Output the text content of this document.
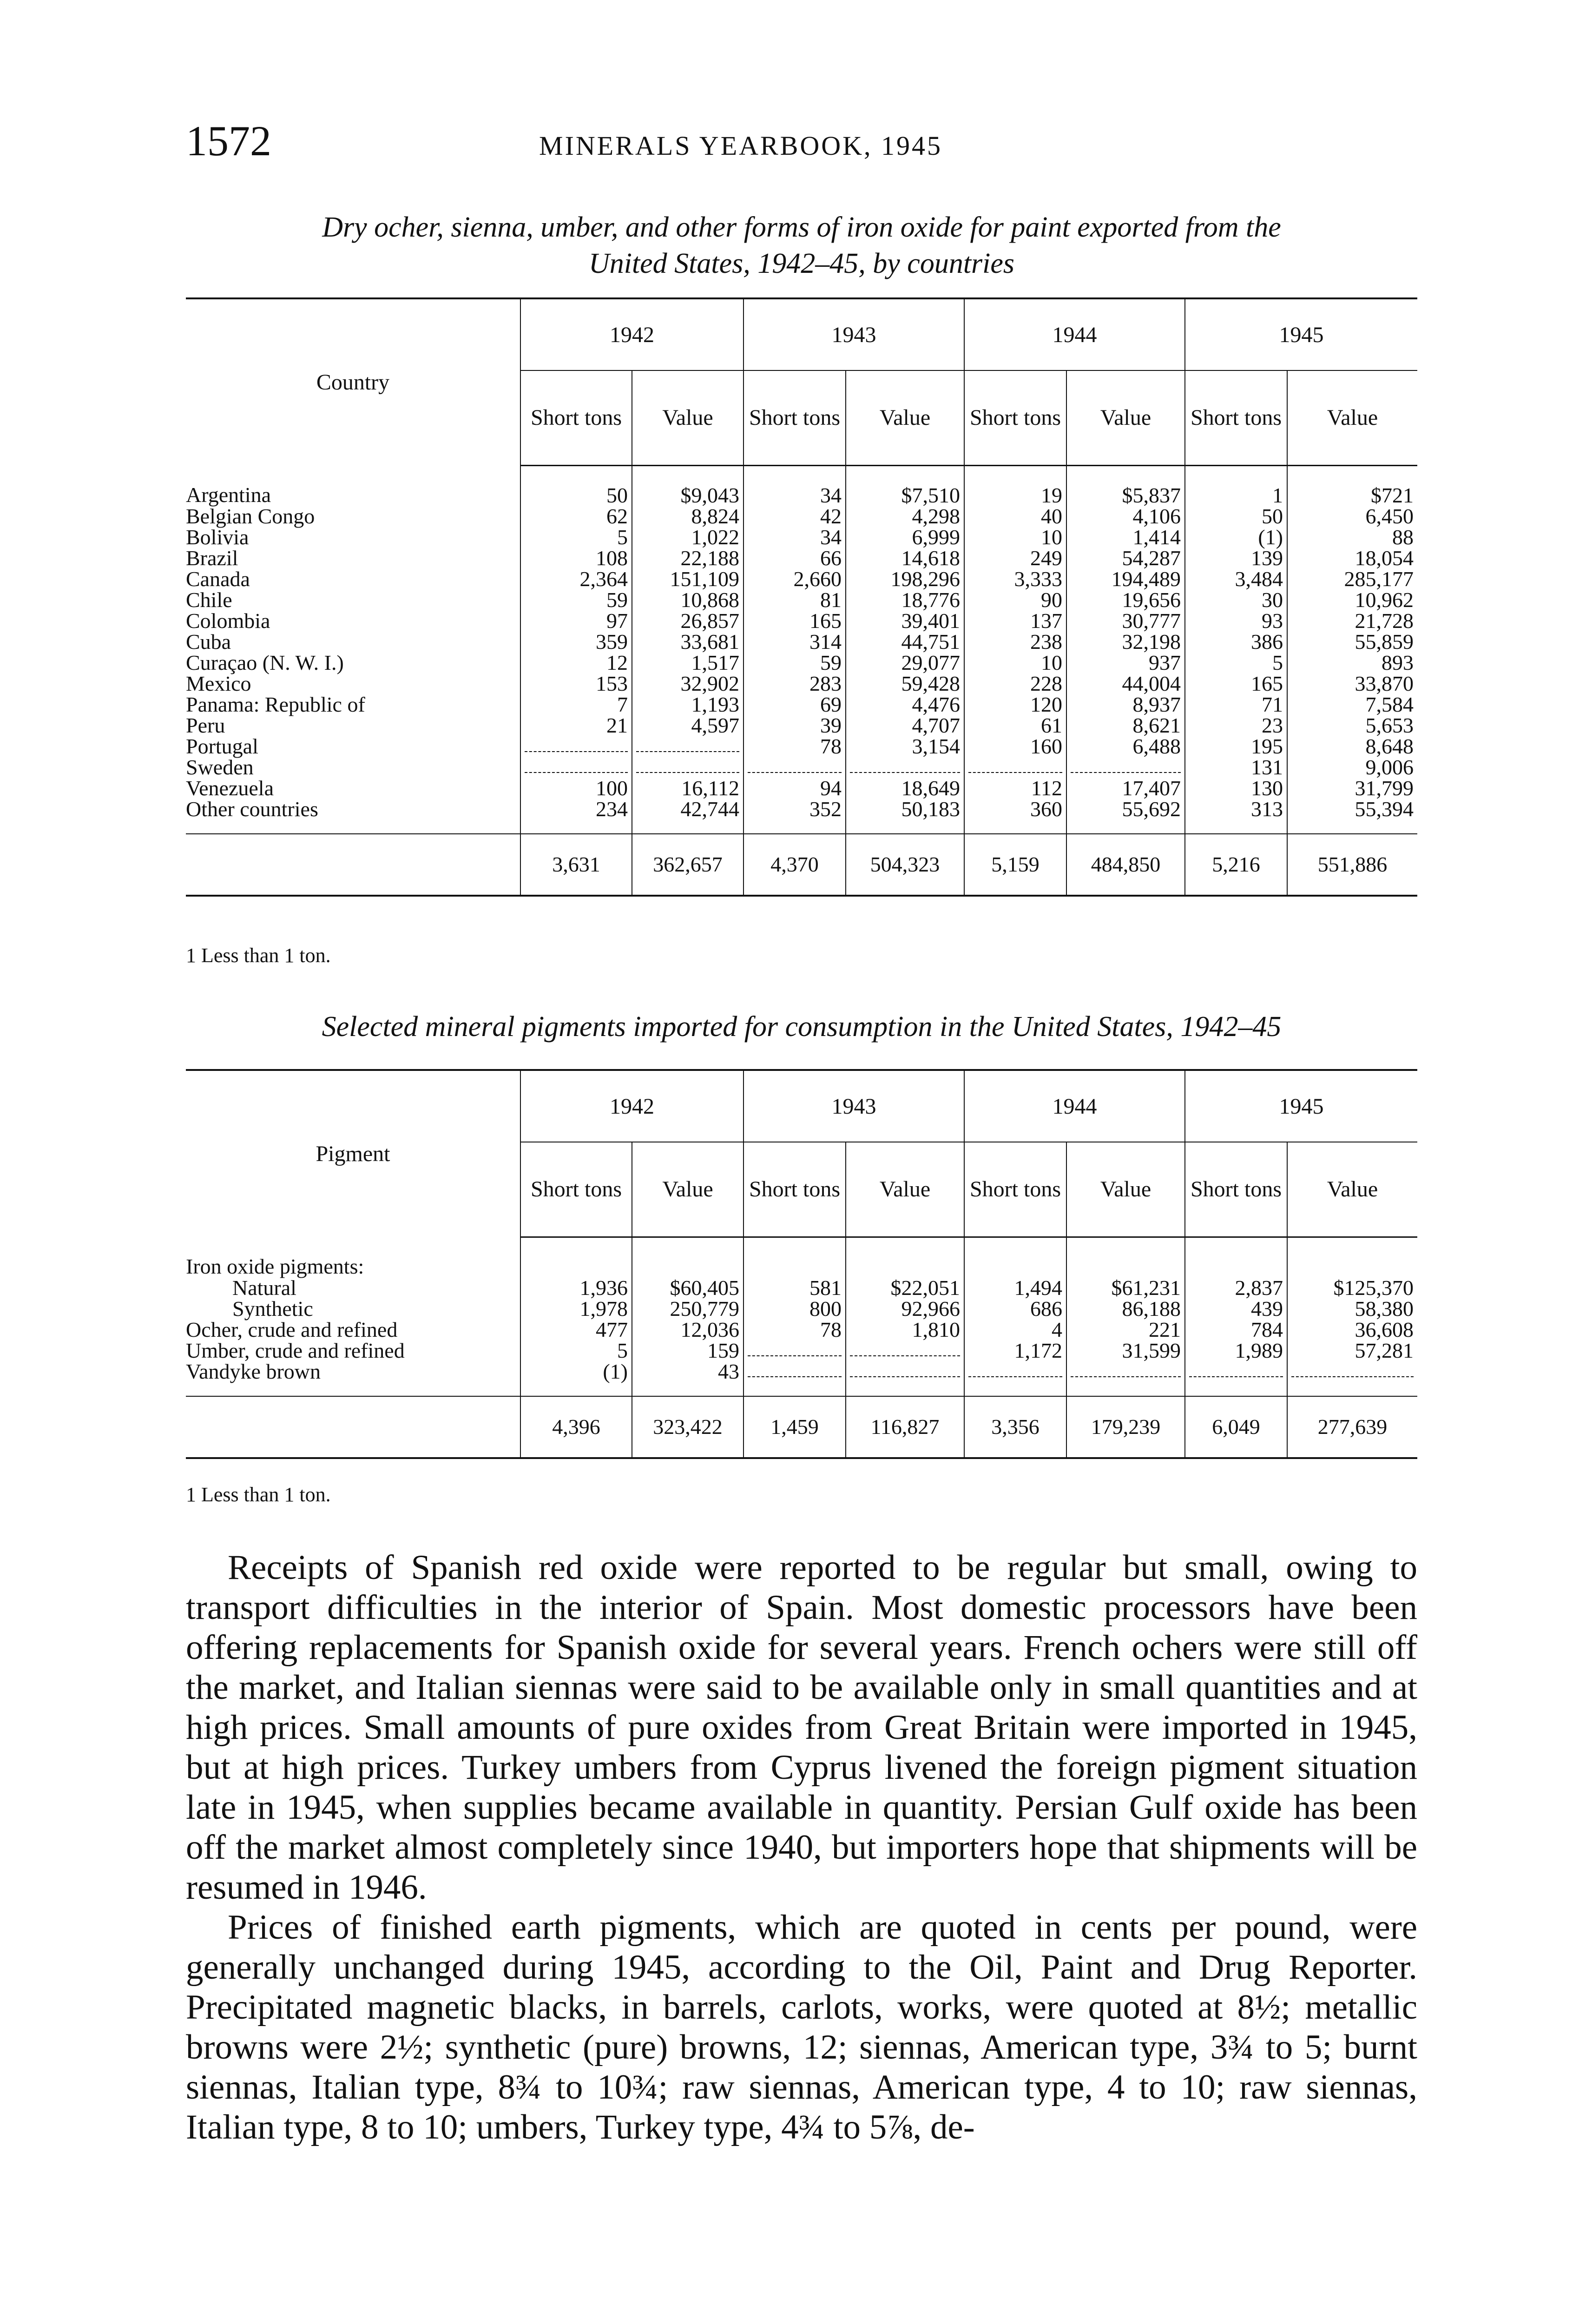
1572	MINERALS YEARBOOK, 1945
Dry ocher, sienna, umber, and other forms of iron oxide for paint exported from the
United States, 1942–45, by countries
Country	1942		1943		1944		1945	
	Short tons	Value	Short tons	Value	Short tons	Value	Short tons	Value
Argentina	50	$9,043	34	$7,510	19	$5,837	1	$721
Belgian Congo	62	8,824	42	4,298	40	4,106	50	6,450
Bolivia	5	1,022	34	6,999	10	1,414	(1)	88
Brazil	108	22,188	66	14,618	249	54,287	139	18,054
Canada	2,364	151,109	2,660	198,296	3,333	194,489	3,484	285,177
Chile	59	10,868	81	18,776	90	19,656	30	10,962
Colombia	97	26,857	165	39,401	137	30,777	93	21,728
Cuba	359	33,681	314	44,751	238	32,198	386	55,859
Curaçao (N. W. I.)	12	1,517	59	29,077	10	937	5	893
Mexico	153	32,902	283	59,428	228	44,004	165	33,870
Panama: Republic of	7	1,193	69	4,476	120	8,937	71	7,584
Peru	21	4,597	39	4,707	61	8,621	23	5,653
Portugal			78	3,154	160	6,488	195	8,648
Sweden							131	9,006
Venezuela	100	16,112	94	18,649	112	17,407	130	31,799
Other countries	234	42,744	352	50,183	360	55,692	313	55,394
	3,631	362,657	4,370	504,323	5,159	484,850	5,216	551,886
1 Less than 1 ton.
Selected mineral pigments imported for consumption in the United States, 1942–45
Pigment	1942		1943		1944		1945	
	Short tons	Value	Short tons	Value	Short tons	Value	Short tons	Value
Iron oxide pigments:								
Natural	1,936	$60,405	581	$22,051	1,494	$61,231	2,837	$125,370
Synthetic	1,978	250,779	800	92,966	686	86,188	439	58,380
Ocher, crude and refined	477	12,036	78	1,810	4	221	784	36,608
Umber, crude and refined	5	159			1,172	31,599	1,989	57,281
Vandyke brown	(1)	43	

	4,396	323,422	1,459	116,827	3,356	179,239	6,049	277,639
1 Less than 1 ton.

Receipts of Spanish red oxide were reported to be regular but small, owing to transport difficulties in the interior of Spain. Most domestic processors have been offering replacements for Spanish oxide for several years. French ochers were still off the market, and Italian siennas were said to be available only in small quantities and at high prices. Small amounts of pure oxides from Great Britain were imported in 1945, but at high prices. Turkey umbers from Cyprus livened the foreign pigment situation late in 1945, when supplies became available in quantity. Persian Gulf oxide has been off the market almost completely since 1940, but importers hope that shipments will be resumed in 1946.

Prices of finished earth pigments, which are quoted in cents per pound, were generally unchanged during 1945, according to the Oil, Paint and Drug Reporter. Precipitated magnetic blacks, in barrels, carlots, works, were quoted at 8½; metallic browns were 2½; synthetic (pure) browns, 12; siennas, American type, 3¾ to 5; burnt siennas, Italian type, 8¾ to 10¾; raw siennas, American type, 4 to 10; raw siennas, Italian type, 8 to 10; umbers, Turkey type, 4¾ to 5⅞, de-
